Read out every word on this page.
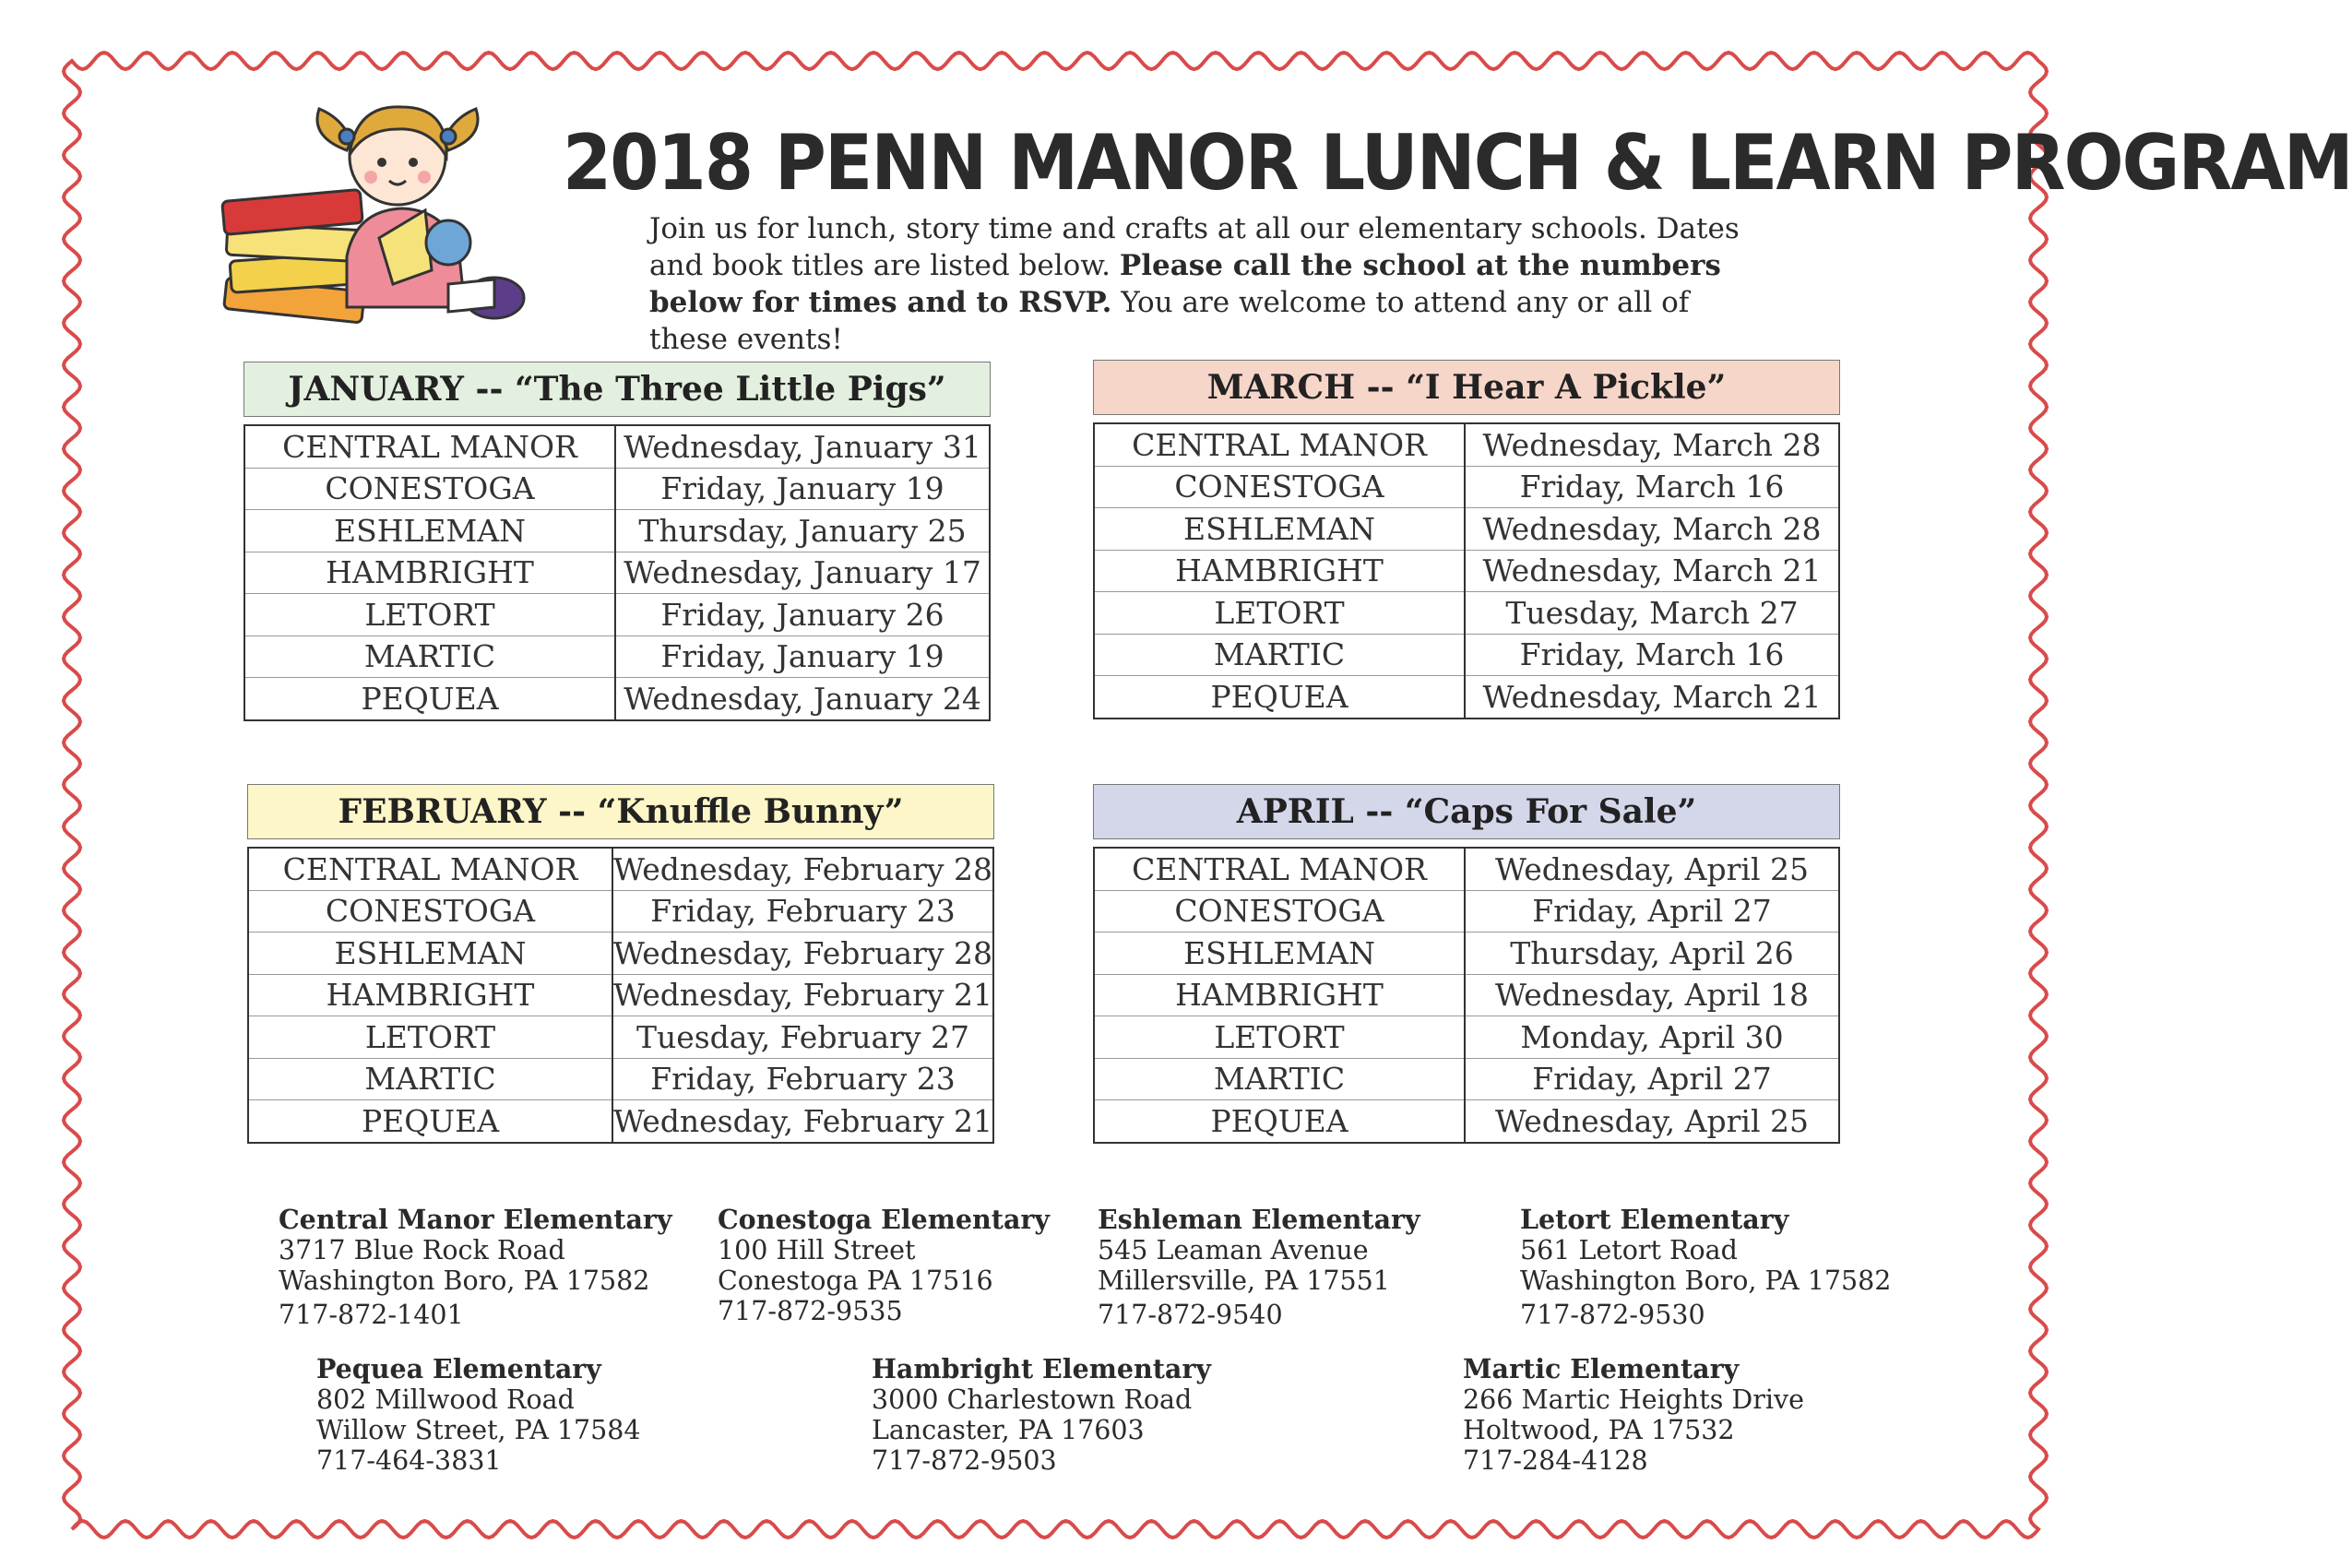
2018 PENN MANOR LUNCH & LEARN PROGRAM
Join us for lunch, story time and crafts at all our elementary schools. Dates and book titles are listed below. Please call the school at the numbers below for times and to RSVP. You are welcome to attend any or all of these events!
JANUARY -- “The Three Little Pigs”
CENTRAL MANOR	Wednesday, January 31
CONESTOGA	Friday, January 19
ESHLEMAN	Thursday, January 25
HAMBRIGHT	Wednesday, January 17
LETORT	Friday, January 26
MARTIC	Friday, January 19
PEQUEA	Wednesday, January 24
MARCH -- “I Hear A Pickle”
CENTRAL MANOR	Wednesday, March 28
CONESTOGA	Friday, March 16
ESHLEMAN	Wednesday, March 28
HAMBRIGHT	Wednesday, March 21
LETORT	Tuesday, March 27
MARTIC	Friday, March 16
PEQUEA	Wednesday, March 21
FEBRUARY -- “Knuffle Bunny”
CENTRAL MANOR	Wednesday, February 28
CONESTOGA	Friday, February 23
ESHLEMAN	Wednesday, February 28
HAMBRIGHT	Wednesday, February 21
LETORT	Tuesday, February 27
MARTIC	Friday, February 23
PEQUEA	Wednesday, February 21
APRIL -- “Caps For Sale”
CENTRAL MANOR	Wednesday, April 25
CONESTOGA	Friday, April 27
ESHLEMAN	Thursday, April 26
HAMBRIGHT	Wednesday, April 18
LETORT	Monday, April 30
MARTIC	Friday, April 27
PEQUEA	Wednesday, April 25
Central Manor Elementary
3717 Blue Rock Road
Washington Boro, PA 17582
717-872-1401
Conestoga Elementary
100 Hill Street
Conestoga PA 17516
717-872-9535
Eshleman Elementary
545 Leaman Avenue
Millersville, PA 17551
717-872-9540
Letort Elementary
561 Letort Road
Washington Boro, PA 17582
717-872-9530
Pequea Elementary
802 Millwood Road
Willow Street, PA 17584
717-464-3831
Hambright Elementary
3000 Charlestown Road
Lancaster, PA 17603
717-872-9503
Martic Elementary
266 Martic Heights Drive
Holtwood, PA 17532
717-284-4128
